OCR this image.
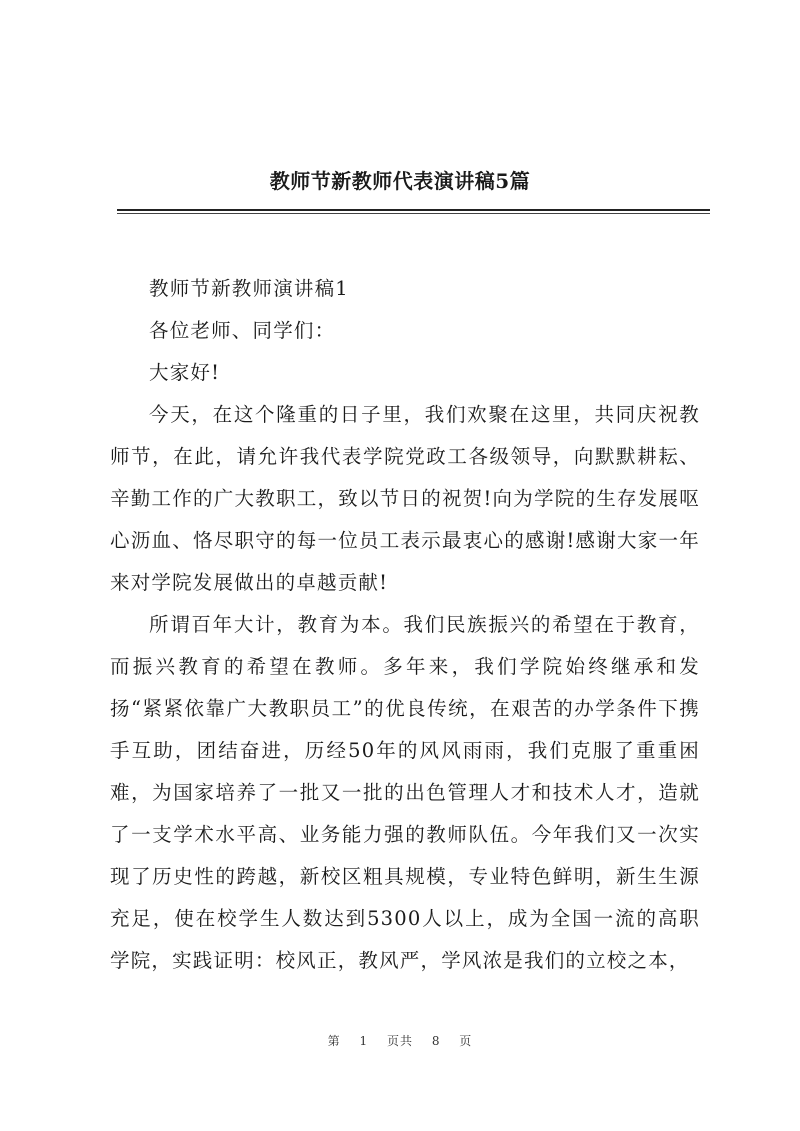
教师节新教师代表演讲稿5篇

教师节新教师演讲稿1

各位老师、同学们：

大家好!

今天，在这个隆重的日子里，我们欢聚在这里，共同庆祝教师节，在此，请允许我代表学院党政工各级领导，向默默耕耘、辛勤工作的广大教职工，致以节日的祝贺!向为学院的生存发展呕心沥血、恪尽职守的每一位员工表示最衷心的感谢!感谢大家一年来对学院发展做出的卓越贡献!

所谓百年大计，教育为本。我们民族振兴的希望在于教育，而振兴教育的希望在教师。多年来，我们学院始终继承和发扬“紧紧依靠广大教职员工”的优良传统，在艰苦的办学条件下携手互助，团结奋进，历经50年的风风雨雨，我们克服了重重困难，为国家培养了一批又一批的出色管理人才和技术人才，造就了一支学术水平高、业务能力强的教师队伍。今年我们又一次实现了历史性的跨越，新校区粗具规模，专业特色鲜明，新生生源充足，使在校学生人数达到5300人以上，成为全国一流的高职学院，实践证明：校风正，教风严，学风浓是我们的立校之本，

第 1 页共 8 页
